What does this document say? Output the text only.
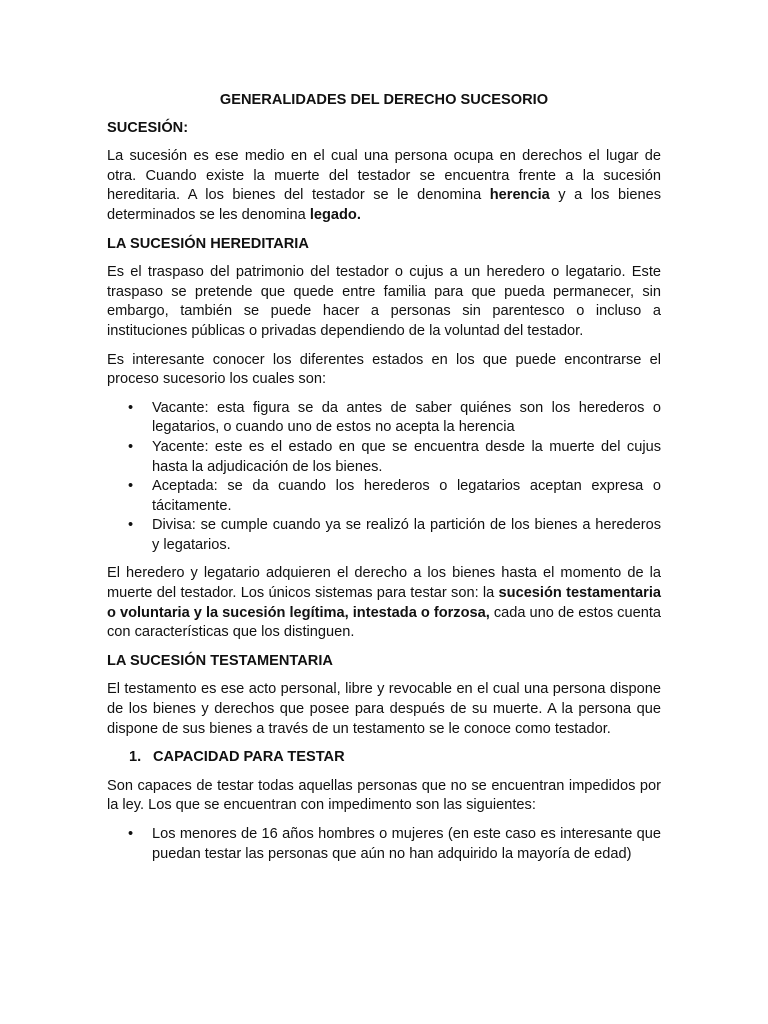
GENERALIDADES DEL DERECHO SUCESORIO

SUCESIÓN:

La sucesión es ese medio en el cual una persona ocupa en derechos el lugar de otra. Cuando existe la muerte del testador se encuentra frente a la sucesión hereditaria. A los bienes del testador se le denomina herencia y a los bienes determinados se les denomina legado.

LA SUCESIÓN HEREDITARIA

Es el traspaso del patrimonio del testador o cujus a un heredero o legatario. Este traspaso se pretende que quede entre familia para que pueda permanecer, sin embargo, también se puede hacer a personas sin parentesco o incluso a instituciones públicas o privadas dependiendo de la voluntad del testador.

Es interesante conocer los diferentes estados en los que puede encontrarse el proceso sucesorio los cuales son:

• Vacante: esta figura se da antes de saber quiénes son los herederos o legatarios, o cuando uno de estos no acepta la herencia
• Yacente: este es el estado en que se encuentra desde la muerte del cujus hasta la adjudicación de los bienes.
• Aceptada: se da cuando los herederos o legatarios aceptan expresa o tácitamente.
• Divisa: se cumple cuando ya se realizó la partición de los bienes a herederos y legatarios.

El heredero y legatario adquieren el derecho a los bienes hasta el momento de la muerte del testador. Los únicos sistemas para testar son: la sucesión testamentaria o voluntaria y la sucesión legítima, intestada o forzosa, cada uno de estos cuenta con características que los distinguen.

LA SUCESIÓN TESTAMENTARIA

El testamento es ese acto personal, libre y revocable en el cual una persona dispone de los bienes y derechos que posee para después de su muerte. A la persona que dispone de sus bienes a través de un testamento se le conoce como testador.

1. CAPACIDAD PARA TESTAR

Son capaces de testar todas aquellas personas que no se encuentran impedidos por la ley. Los que se encuentran con impedimento son las siguientes:

• Los menores de 16 años hombres o mujeres (en este caso es interesante que puedan testar las personas que aún no han adquirido la mayoría de edad)
